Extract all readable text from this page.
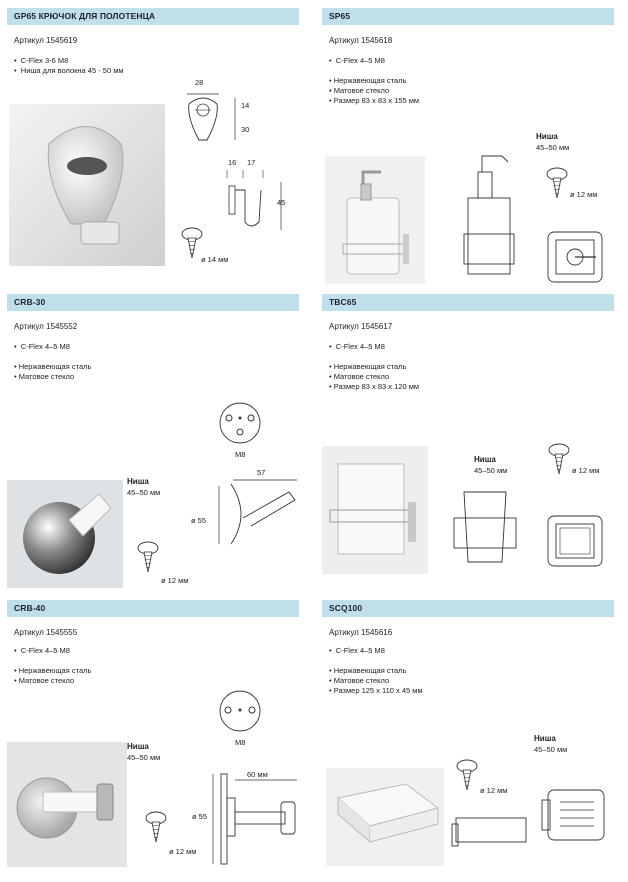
GP65 КРЮЧОК ДЛЯ ПОЛОТЕНЦА
Артикул 1545619
•  C-Flex 3-6 M8
•  Ниша для волокна 45 - 50 мм
28
14
30
16 17
45
ø 14 мм
SP65
Артикул 1545618
•  C-Flex 4–5 M8
• Нержавеющая сталь
• Матовое стекло
• Размер 83 x 83 x 155 мм
Ниша
45–50 мм
ø 12 мм
CRB-30
Артикул 1545552
•  C-Flex 4–5 M8
• Нержавеющая сталь
• Матовое стекло
Ниша
45–50 мм
ø 12 мм
M8
57
ø 55
TBC65
Артикул 1545617
•  C-Flex 4–5 M8
• Нержавеющая сталь
• Матовое стекло
• Размер 83 x 83 x 120 мм
Ниша
45–50 мм	ø 12 мм
CRB-40
Артикул 1545555
•  C-Flex 4–5 M8
• Нержавеющая сталь
• Матовое стекло
Ниша
45–50 мм
ø 12 мм
M8
60 мм
ø 55
SCQ100
Артикул 1545616
•  C-Flex 4–5 M8
• Нержавеющая сталь
• Матовое стекло
• Размер 125 x 110 x 45 мм
Ниша
45–50 мм
ø 12 мм
